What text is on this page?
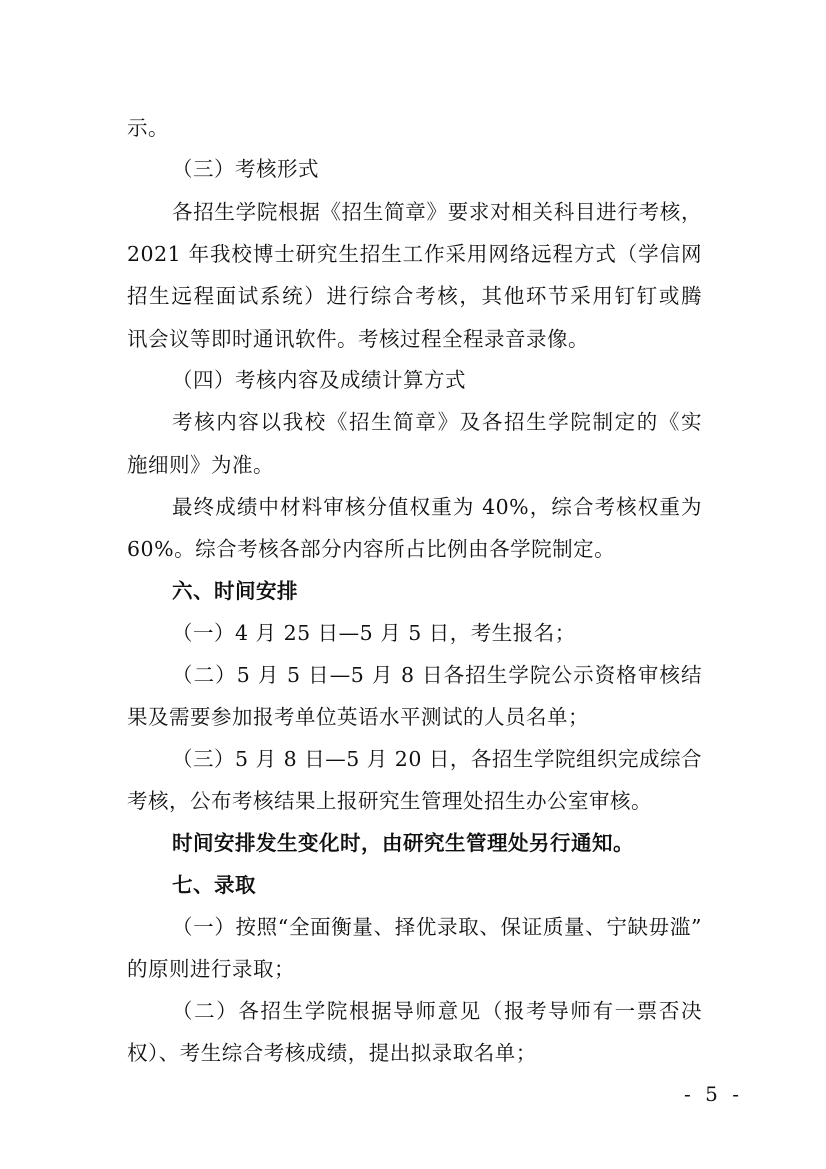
示。
（三）考核形式
各招生学院根据《招生简章》要求对相关科目进行考核，
2021 年我校博士研究生招生工作采用网络远程方式（学信网
招生远程面试系统）进行综合考核，其他环节采用钉钉或腾
讯会议等即时通讯软件。考核过程全程录音录像。
（四）考核内容及成绩计算方式
考核内容以我校《招生简章》及各招生学院制定的《实
施细则》为准。
最终成绩中材料审核分值权重为 40%，综合考核权重为
60%。综合考核各部分内容所占比例由各学院制定。
六、时间安排
（一）4 月 25 日—5 月 5 日，考生报名；
（二）5 月 5 日—5 月 8 日各招生学院公示资格审核结
果及需要参加报考单位英语水平测试的人员名单；
（三）5 月 8 日—5 月 20 日，各招生学院组织完成综合
考核，公布考核结果上报研究生管理处招生办公室审核。
时间安排发生变化时，由研究生管理处另行通知。
七、录取
（一）按照“全面衡量、择优录取、保证质量、宁缺毋滥”
的原则进行录取；
（二）各招生学院根据导师意见（报考导师有一票否决
权）、考生综合考核成绩，提出拟录取名单；
- 5 -
